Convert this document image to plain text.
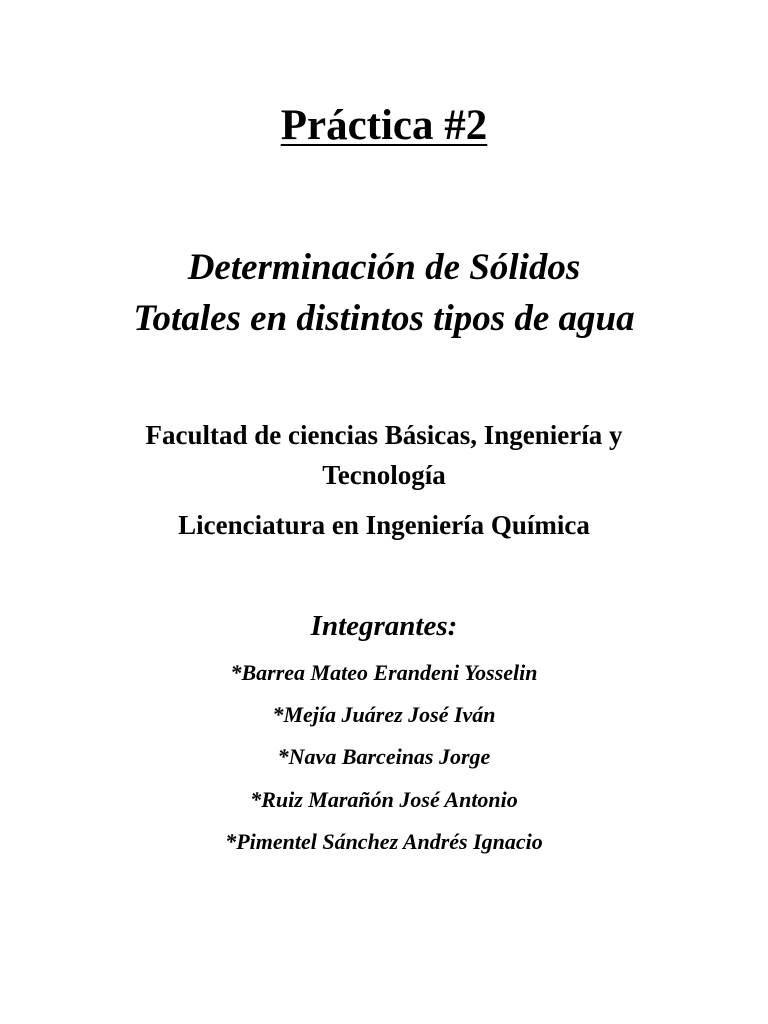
Práctica #2
Determinación de Sólidos
Totales en distintos tipos de agua
Facultad de ciencias Básicas, Ingeniería y
Tecnología
Licenciatura en Ingeniería Química
Integrantes:
*Barrea Mateo Erandeni Yosselin
*Mejía Juárez José Iván
*Nava Barceinas Jorge
*Ruiz Marañón José Antonio
*Pimentel Sánchez Andrés Ignacio
